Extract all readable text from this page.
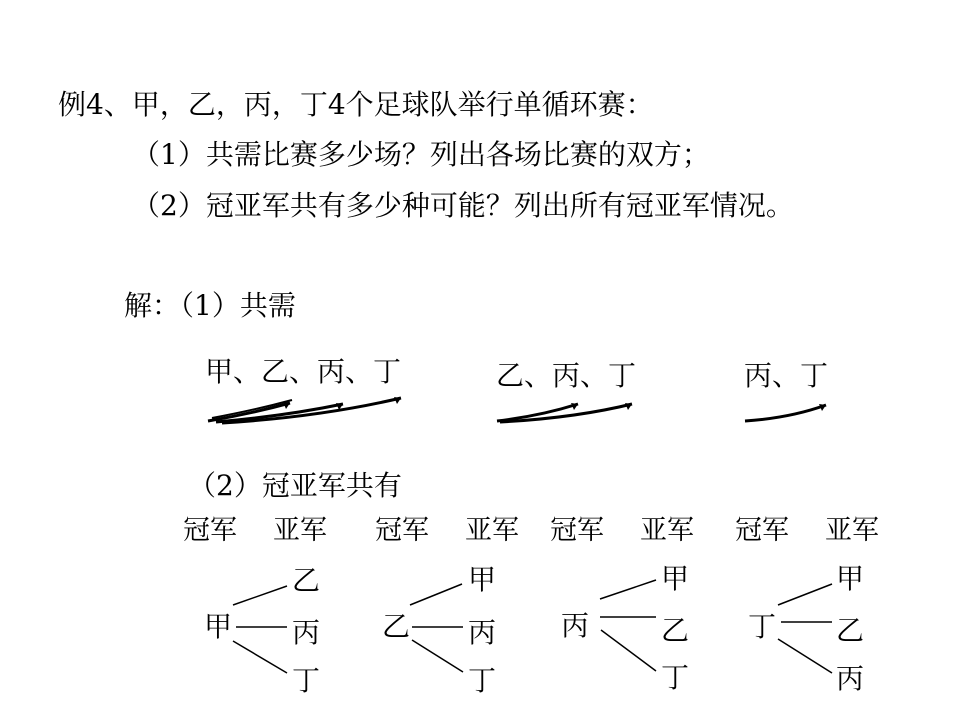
例4、甲，乙，丙，丁4个足球队举行单循环赛：
（1）共需比赛多少场？列出各场比赛的双方；
（2）冠亚军共有多少种可能？列出所有冠亚军情况。
解：（1）共需
甲、乙、丙、丁	乙、丙、丁	丙、丁
（2）冠亚军共有
冠军 亚军 冠军 亚军 冠军 亚军 冠军 亚军
甲
乙
丙
丁
乙
甲
丙
丁
丙
甲
乙
丁
丁
甲
乙
丙
